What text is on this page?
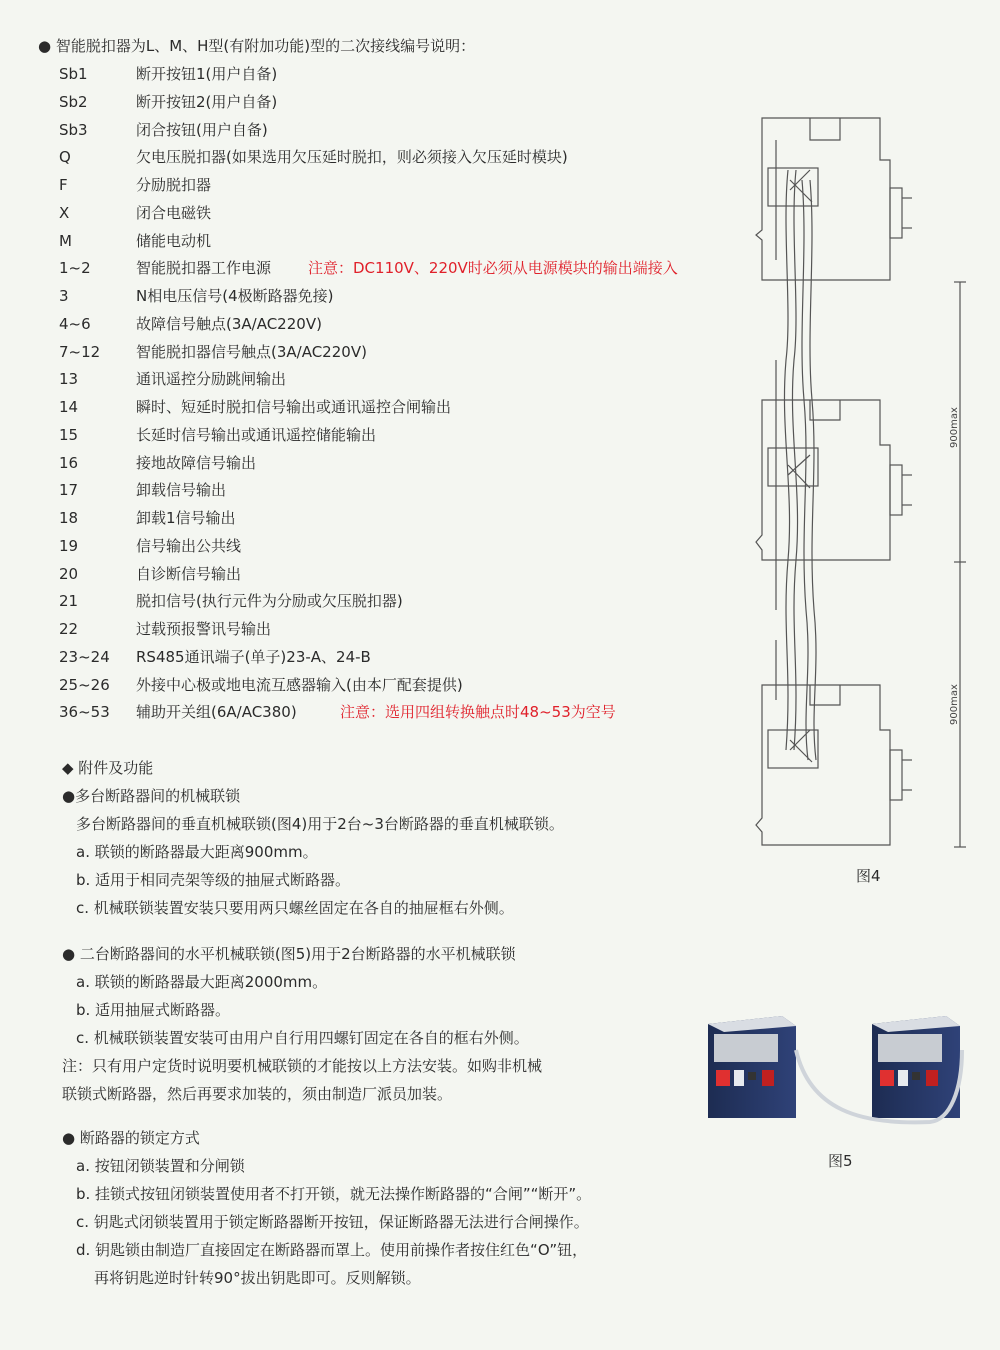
● 智能脱扣器为L、M、H型(有附加功能)型的二次接线编号说明：
Sb1	断开按钮1(用户自备)
Sb2	断开按钮2(用户自备)
Sb3	闭合按钮(用户自备)
Q	欠电压脱扣器(如果选用欠压延时脱扣，则必须接入欠压延时模块)
F	分励脱扣器
X	闭合电磁铁
M	储能电动机
1~2	智能脱扣器工作电源 注意：DC110V、220V时必须从电源模块的输出端接入
3	N相电压信号(4极断路器免接)
4~6	故障信号触点(3A/AC220V)
7~12 智能脱扣器信号触点(3A/AC220V)
13	通讯遥控分励跳闸输出
14	瞬时、短延时脱扣信号输出或通讯遥控合闸输出
15	长延时信号输出或通讯遥控储能输出
16	接地故障信号输出
17	卸载信号输出
18	卸载1信号输出
19	信号输出公共线
20	自诊断信号输出
21	脱扣信号(执行元件为分励或欠压脱扣器)
22	过载预报警讯号输出
23~24 RS485通讯端子(单子)23-A、24-B
25~26 外接中心极或地电流互感器输入(由本厂配套提供)
36~53 辅助开关组(6A/AC380)	注意：选用四组转换触点时48~53为空号
◆ 附件及功能
●多台断路器间的机械联锁
多台断路器间的垂直机械联锁(图4)用于2台~3台断路器的垂直机械联锁。
a. 联锁的断路器最大距离900mm。
b. 适用于相同壳架等级的抽屉式断路器。
c. 机械联锁装置安装只要用两只螺丝固定在各自的抽屉框右外侧。
● 二台断路器间的水平机械联锁(图5)用于2台断路器的水平机械联锁
a. 联锁的断路器最大距离2000mm。
b. 适用抽屉式断路器。
c. 机械联锁装置安装可由用户自行用四螺钉固定在各自的框右外侧。
注：只有用户定货时说明要机械联锁的才能按以上方法安装。如购非机械
联锁式断路器，然后再要求加装的，须由制造厂派员加装。
● 断路器的锁定方式
a. 按钮闭锁装置和分闸锁
b. 挂锁式按钮闭锁装置使用者不打开锁，就无法操作断路器的“合闸”“断开”。
c. 钥匙式闭锁装置用于锁定断路器断开按钮，保证断路器无法进行合闸操作。
d. 钥匙锁由制造厂直接固定在断路器而罩上。使用前操作者按住红色“O”钮，
再将钥匙逆时针转90°拔出钥匙即可。反则解锁。
900max
900max
图4
图5
